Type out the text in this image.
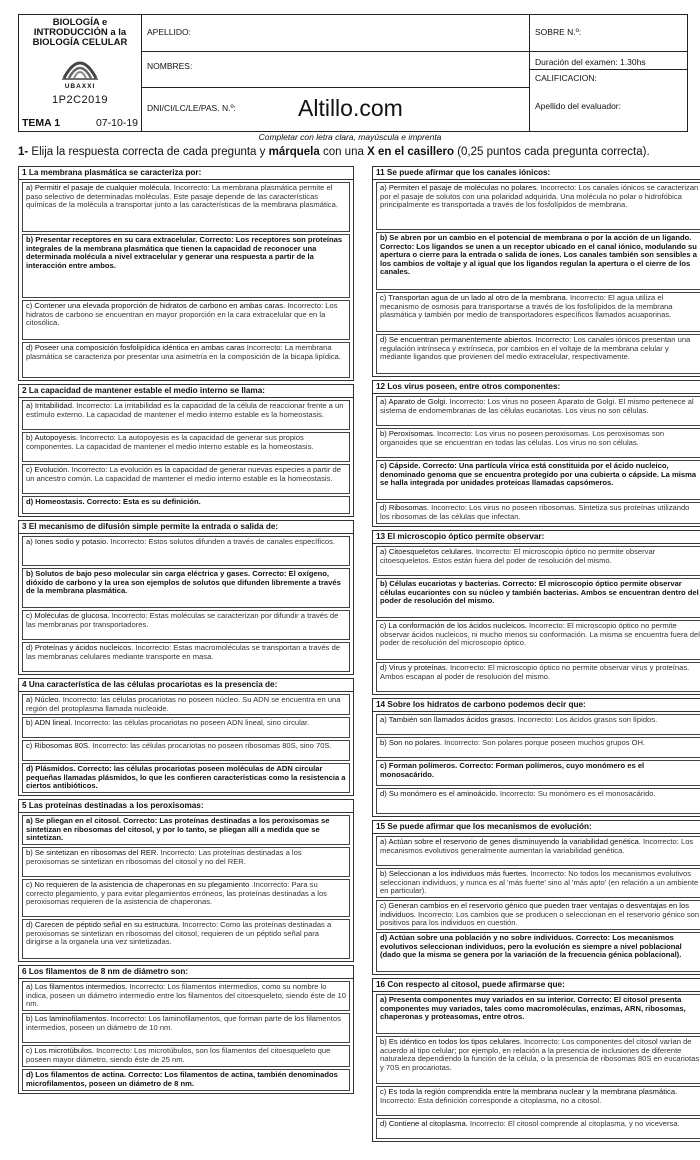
BIOLOGÍA e
INTRODUCCIÓN a la
BIOLOGÍA CELULAR
UBAXXI
1P2C2019
TEMA 1	07-10-19
APELLIDO:
NOMBRES:
DNI/CI/LC/LE/PAS. N.º:	Altillo.com
SOBRE N.º:
Duración del examen: 1.30hs
CALIFICACION:
Apellido del evaluador:
Completar con letra clara, mayúscula e imprenta
1- Elija la respuesta correcta de cada pregunta y márquela con una X en el casillero (0,25 puntos cada pregunta correcta).
1 La membrana plasmática se caracteriza por:
a) Permitir el pasaje de cualquier molécula. Incorrecto: La membrana plasmática permite el paso selectivo de determinadas moléculas. Este pasaje depende de las características químicas de la molécula a transportar junto a las características de la membrana plasmática.
b) Presentar receptores en su cara extracelular. Correcto: Los receptores son proteínas integrales de la membrana plasmática que tienen la capacidad de reconocer una determinada molécula a nivel extracelular y generar una respuesta a partir de la interacción entre ambos.
c) Contener una elevada proporción de hidratos de carbono en ambas caras. Incorrecto: Los hidratos de carbono se encuentran en mayor proporción en la cara extracelular que en la citosólica.
d) Poseer una composición fosfolipídica idéntica en ambas caras Incorrecto: La membrana plasmática se caracteriza por presentar una asimetría en la composición de la bicapa lipídica.
2 La capacidad de mantener estable el medio interno se llama:
a) Irritabilidad. Incorrecto: La irritabilidad es la capacidad de la célula de reaccionar frente a un estímulo externo. La capacidad de mantener el medio interno estable es la homeostasis.
b) Autopoyesis. Incorrecto: La autopoyesis es la capacidad de generar sus propios componentes. La capacidad de mantener el medio interno estable es la homeostasis.
c) Evolución. Incorrecto: La evolución es la capacidad de generar nuevas especies a partir de un ancestro común. La capacidad de mantener el medio interno estable es la homeostasis.
d) Homeostasis. Correcto: Esta es su definición.
3 El mecanismo de difusión simple permite la entrada o salida de:
a) Iones sodio y potasio. Incorrecto: Estos solutos difunden a través de canales específicos.
b) Solutos de bajo peso molecular sin carga eléctrica y gases. Correcto: El oxígeno, dióxido de carbono y la urea son ejemplos de solutos que difunden libremente a través de la membrana plasmática.
c) Moléculas de glucosa. Incorrecto: Estas moléculas se caracterizan por difundir a través de las membranas por transportadores.
d) Proteínas y ácidos nucleicos. Incorrecto: Estas macromoléculas se transportan a través de las membranas celulares mediante transporte en masa.
4 Una característica de las células procariotas es la presencia de:
a) Núcleo. Incorrecto: las células procariotas no poseen núcleo. Su ADN se encuentra en una región del protoplasma llamada nucleoide.
b) ADN lineal. Incorrecto: las células procariotas no poseen ADN lineal, sino circular.
c) Ribosomas 80S. Incorrecto: las células procariotas no poseen ribosomas 80S, sino 70S.
d) Plásmidos. Correcto: las células procariotas poseen moléculas de ADN circular pequeñas llamadas plásmidos, lo que les confieren características como la resistencia a ciertos antibióticos.
5 Las proteínas destinadas a los peroxisomas:
a) Se pliegan en el citosol. Correcto: Las proteínas destinadas a los peroxisomas se sintetizan en ribosomas del citosol, y por lo tanto, se pliegan allí a medida que se sintetizan.
b) Se sintetizan en ribosomas del RER. Incorrecto: Las proteínas destinadas a los peroxisomas se sintetizan en ribosomas del citosol y no del RER.
c) No requieren de la asistencia de chaperonas en su plegamiento .Incorrecto: Para su correcto plegamiento, y para evitar plegamientos erróneos, las proteínas destinadas a los peroxisomas requieren de la asistencia de chaperonas.
d) Carecen de péptido señal en su estructura. Incorrecto: Como las proteínas destinadas a peroxisomas se sintetizan en ribosomas del citosol, requieren de un péptido señal para dirigirse a la organela una vez sintetizadas.
6 Los filamentos de 8 nm de diámetro son:
a) Los filamentos intermedios. Incorrecto: Los filamentos intermedios, como su nombre lo indica, poseen un diámetro intermedio entre los filamentos del citoesqueleto, siendo éste de 10 nm.
b) Los laminofilamentos. Incorrecto: Los laminofilamentos, que forman parte de los filamentos intermedios, poseen un diámetro de 10 nm.
c) Los microtúbulos. Incorrecto: Los microtúbulos, son los filamentos del citoesqueleto que poseen mayor diámetro, siendo éste de 25 nm.
d) Los filamentos de actina. Correcto: Los filamentos de actina, también denominados microfilamentos, poseen un diámetro de 8 nm.
11 Se puede afirmar que los canales iónicos:
a) Permiten el pasaje de moléculas no polares. Incorrecto: Los canales iónicos se caracterizan por el pasaje de solutos con una polaridad adquirida. Una molécula no polar o hidrofóbica principalmente es transportada a través de los fosfolípidos de membrana.
b) Se abren por un cambio en el potencial de membrana o por la acción de un ligando. Correcto: Los ligandos se unen a un receptor ubicado en el canal iónico, modulando su apertura o cierre para la entrada o salida de iones. Los canales también son sensibles a los cambios de voltaje y al igual que los ligandos regulan la apertura o el cierre de los canales.
c) Transportan agua de un lado al otro de la membrana. Incorrecto: El agua utiliza el mecanismo de osmosis para transportarse a través de los fosfolípidos de la membrana plasmática y también por medio de transportadores específicos llamados acuaporinas.
d) Se encuentran permanentemente abiertos. Incorrecto: Los canales iónicos presentan una regulación intrínseca y extrínseca, por cambios en el voltaje de la membrana celular y mediante ligandos que provienen del medio extracelular, respectivamente.
12 Los virus poseen, entre otros componentes:
a) Aparato de Golgi. Incorrecto: Los virus no poseen Aparato de Golgi. El mismo pertenece al sistema de endomembranas de las células eucariotas. Los virus no son células.
b) Peroxisomas. Incorrecto: Los virus no poseen peroxisomas. Los peroxisomas son organoides que se encuentran en todas las células. Los virus no son células.
c) Cápside. Correcto: Una partícula vírica está constituida por el ácido nucleico, denominado genoma que se encuentra protegido por una cubierta o cápside. La misma se halla integrada por unidades proteicas llamadas capsómeros.
d) Ribosomas. Incorrecto: Los virus no poseen ribosomas. Sintetiza sus proteínas utilizando los ribosomas de las células que infectan.
13 El microscopio óptico permite observar:
a) Citoesqueletos celulares. Incorrecto: El microscopio óptico no permite observar citoesqueletos. Estos están fuera del poder de resolución del mismo.
b) Células eucariotas y bacterias. Correcto: El microscopio óptico permite observar células eucariontes con su núcleo y también bacterias. Ambos se encuentran dentro del poder de resolución del mismo.
c) La conformación de los ácidos nucleicos. Incorrecto: El microscopio óptico no permite observar ácidos nucleicos, ni mucho menos su conformación. La misma se encuentra fuera del poder de resolución del microscopio óptico.
d) Virus y proteínas. Incorrecto: El microscopio óptico no permite observar virus y proteínas. Ambos escapan al poder de resolución del mismo.
14 Sobre los hidratos de carbono podemos decir que:
a) También son llamados ácidos grasos. Incorrecto: Los ácidos grasos son lípidos.
b) Son no polares. Incorrecto: Son polares porque poseen muchos grupos OH.
c) Forman polímeros. Correcto: Forman polímeros, cuyo monómero es el monosacárido.
d) Su monómero es el aminoácido. Incorrecto: Su monómero es el monosacárido.
15 Se puede afirmar que los mecanismos de evolución:
a) Actúan sobre el reservorio de genes disminuyendo la variabilidad genética. Incorrecto: Los mecanismos evolutivos generalmente aumentan la variabilidad genética.
b) Seleccionan a los individuos más fuertes. Incorrecto: No todos los mecanismos evolutivos seleccionan individuos, y nunca es al 'más fuerte' sino al 'más apto' (en relación a un ambiente en particular).
c) Generan cambios en el reservorio génico que pueden traer ventajas o desventajas en los individuos. Incorrecto: Los cambios que se producen o seleccionan en el reservorio génico son positivos para los individuos en cuestión.
d) Actúan sobre una población y no sobre individuos. Correcto: Los mecanismos evolutivos seleccionan individuos, pero la evolución es siempre a nivel poblacional (dado que la misma se genera por la variación de la frecuencia génica poblacional).
16 Con respecto al citosol, puede afirmarse que:
a) Presenta componentes muy variados en su interior. Correcto: El citosol presenta componentes muy variados, tales como macromoléculas, enzimas, ARN, ribosomas, chaperonas y proteasomas, entre otros.
b) Es idéntico en todos los tipos celulares. Incorrecto: Los componentes del citosol varían de acuerdo al tipo celular; por ejemplo, en relación a la presencia de inclusiones de diferente naturaleza dependiendo la función de la célula, o la presencia de ribosomas 80S en eucariotas y 70S en procariotas.
c) Es toda la región comprendida entre la membrana nuclear y la membrana plasmática. Incorrecto: Esta definición corresponde a citoplasma, no a citosol.
d) Contiene al citoplasma. Incorrecto: El citosol comprende al citoplasma, y no viceversa.
